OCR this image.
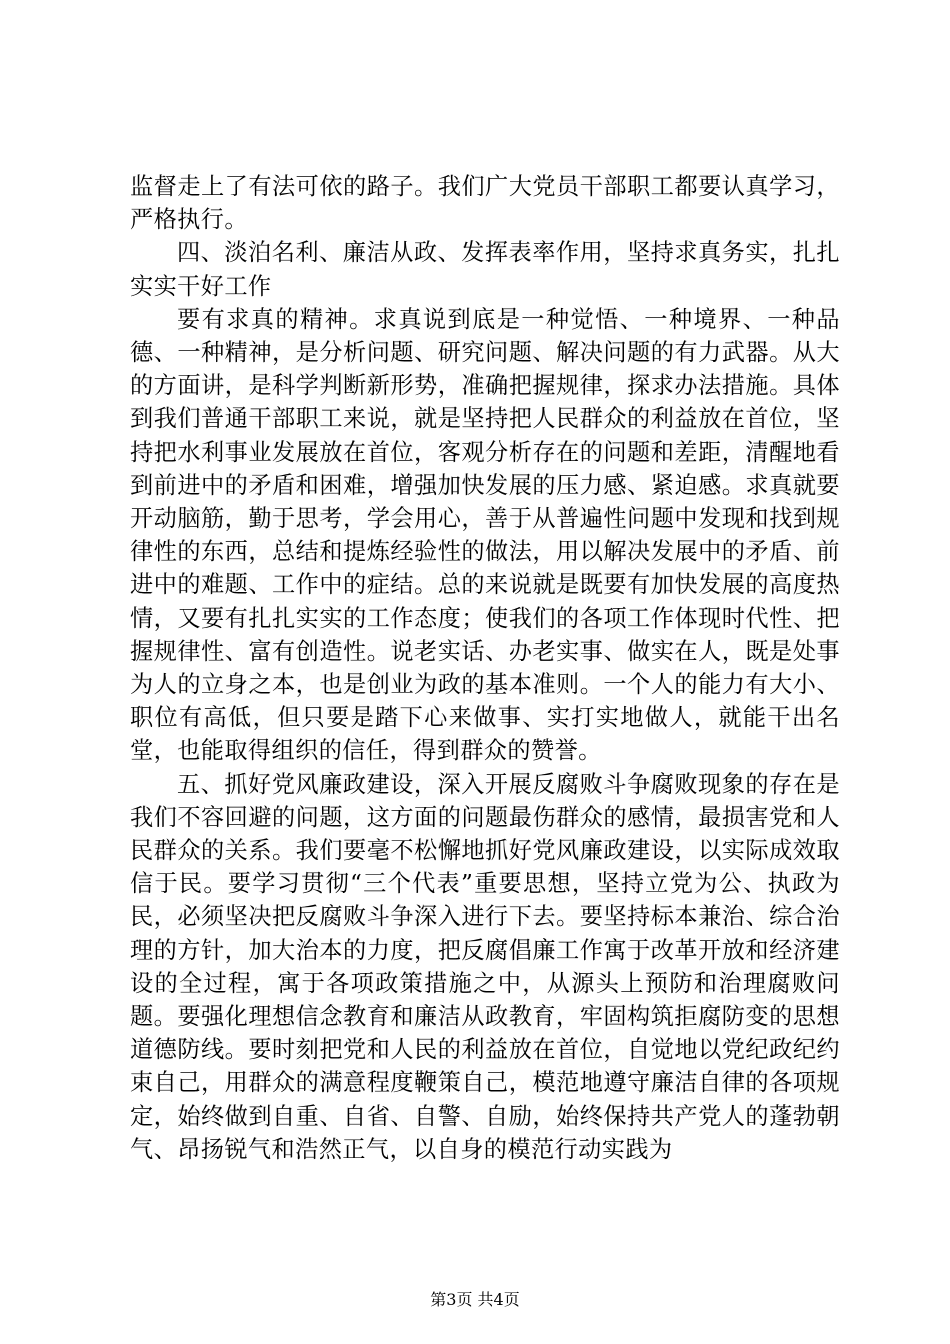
监督走上了有法可依的路子。我们广大党员干部职工都要认真学习，严格执行。

四、淡泊名利、廉洁从政、发挥表率作用，坚持求真务实，扎扎实实干好工作

要有求真的精神。求真说到底是一种觉悟、一种境界、一种品德、一种精神，是分析问题、研究问题、解决问题的有力武器。从大的方面讲，是科学判断新形势，准确把握规律，探求办法措施。具体到我们普通干部职工来说，就是坚持把人民群众的利益放在首位，坚持把水利事业发展放在首位，客观分析存在的问题和差距，清醒地看到前进中的矛盾和困难，增强加快发展的压力感、紧迫感。求真就要开动脑筋，勤于思考，学会用心，善于从普遍性问题中发现和找到规律性的东西，总结和提炼经验性的做法，用以解决发展中的矛盾、前进中的难题、工作中的症结。总的来说就是既要有加快发展的高度热情，又要有扎扎实实的工作态度；使我们的各项工作体现时代性、把握规律性、富有创造性。说老实话、办老实事、做实在人，既是处事为人的立身之本，也是创业为政的基本准则。一个人的能力有大小、职位有高低，但只要是踏下心来做事、实打实地做人，就能干出名堂，也能取得组织的信任，得到群众的赞誉。

五、抓好党风廉政建设，深入开展反腐败斗争腐败现象的存在是我们不容回避的问题，这方面的问题最伤群众的感情，最损害党和人民群众的关系。我们要毫不松懈地抓好党风廉政建设，以实际成效取信于民。要学习贯彻“三个代表”重要思想，坚持立党为公、执政为民，必须坚决把反腐败斗争深入进行下去。要坚持标本兼治、综合治理的方针，加大治本的力度，把反腐倡廉工作寓于改革开放和经济建设的全过程，寓于各项政策措施之中，从源头上预防和治理腐败问题。要强化理想信念教育和廉洁从政教育，牢固构筑拒腐防变的思想道德防线。要时刻把党和人民的利益放在首位，自觉地以党纪政纪约束自己，用群众的满意程度鞭策自己，模范地遵守廉洁自律的各项规定，始终做到自重、自省、自警、自励，始终保持共产党人的蓬勃朝气、昂扬锐气和浩然正气，以自身的模范行动实践为

第3页 共4页
